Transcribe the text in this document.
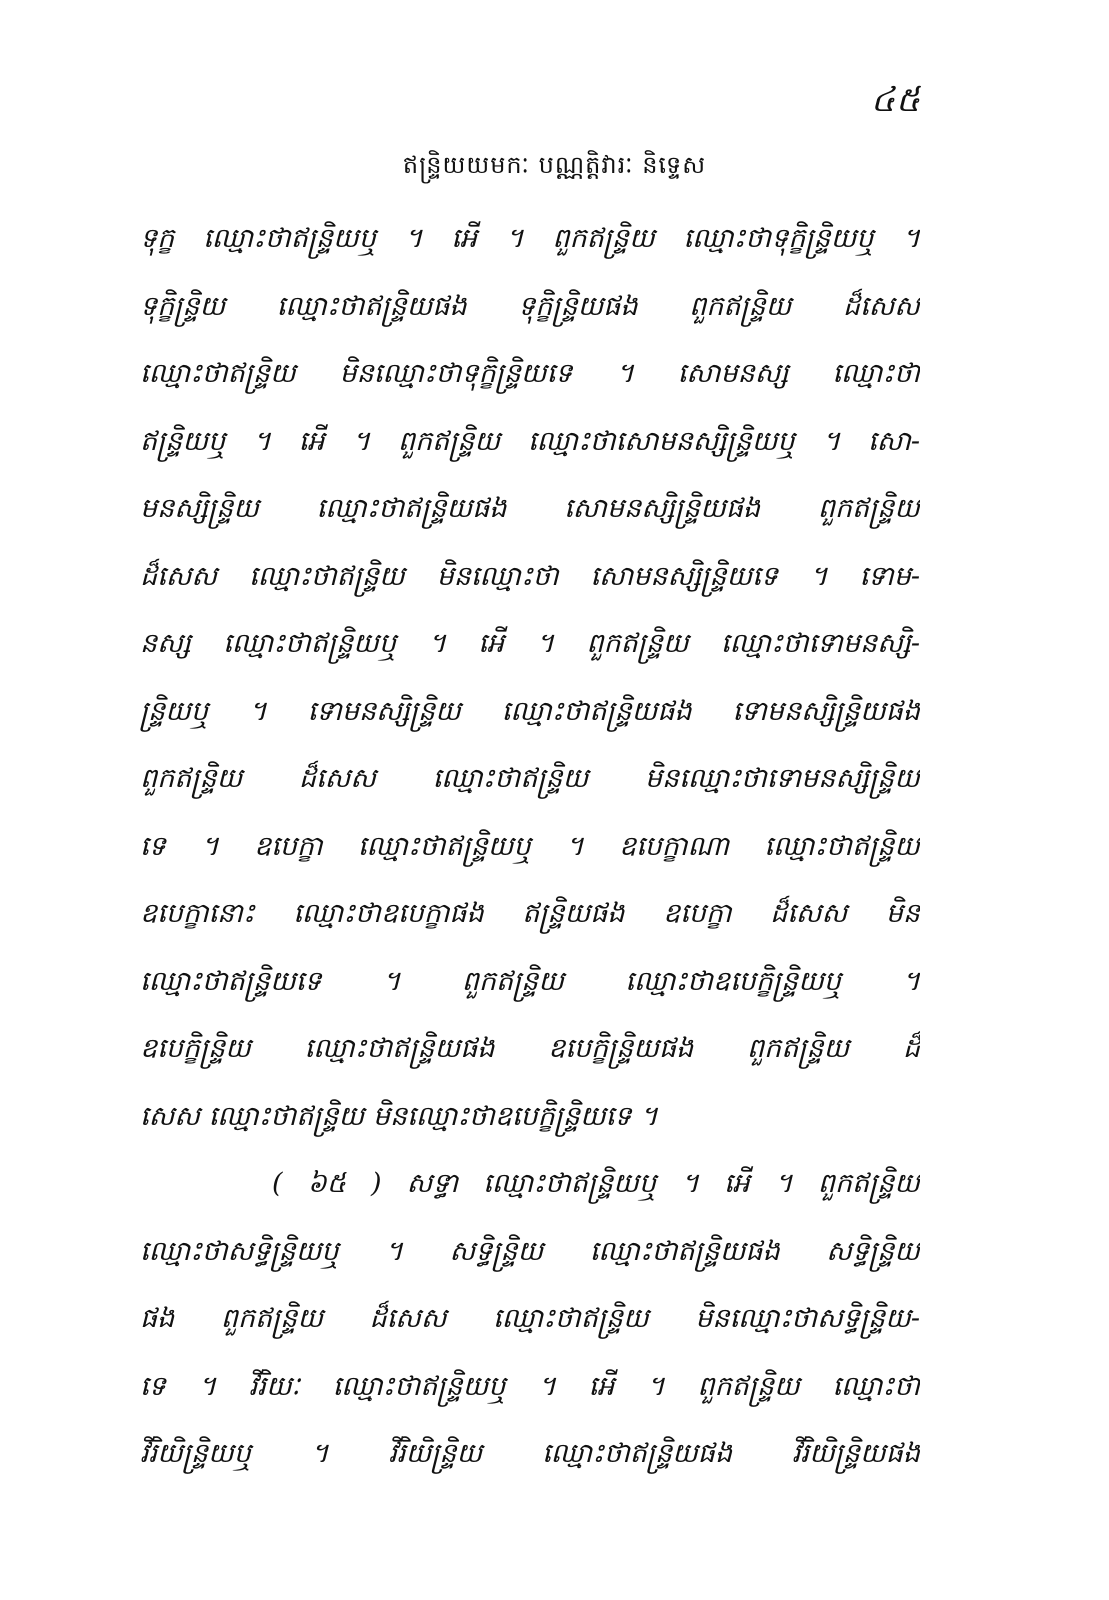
៤៥
ឥន្ទ្រិយយមកៈ បណ្ណត្តិវារៈ និទ្ទេស
ទុក្ខ ឈ្មោះថាឥន្ទ្រិយឬ ។ អើ ។ ពួកឥន្ទ្រិយ ឈ្មោះថាទុក្ខិន្ទ្រិយឬ ។
ទុក្ខិន្ទ្រិយ ឈ្មោះថាឥន្ទ្រិយផង ទុក្ខិន្ទ្រិយផង ពួកឥន្ទ្រិយ ដ៏សេស
ឈ្មោះថាឥន្ទ្រិយ មិនឈ្មោះថាទុក្ខិន្ទ្រិយទេ ។ សោមនស្ស ឈ្មោះថា
ឥន្ទ្រិយឬ ។ អើ ។ ពួកឥន្ទ្រិយ ឈ្មោះថាសោមនស្សិន្ទ្រិយឬ ។ សោ-
មនស្សិន្ទ្រិយ ឈ្មោះថាឥន្ទ្រិយផង សោមនស្សិន្ទ្រិយផង ពួកឥន្ទ្រិយ
ដ៏សេស ឈ្មោះថាឥន្ទ្រិយ មិនឈ្មោះថា សោមនស្សិន្ទ្រិយទេ ។ ទោម-
នស្ស ឈ្មោះថាឥន្ទ្រិយឬ ។ អើ ។ ពួកឥន្ទ្រិយ ឈ្មោះថាទោមនស្សិ-
ន្ទ្រិយឬ ។ ទោមនស្សិន្ទ្រិយ ឈ្មោះថាឥន្ទ្រិយផង ទោមនស្សិន្ទ្រិយផង
ពួកឥន្ទ្រិយ ដ៏សេស ឈ្មោះថាឥន្ទ្រិយ មិនឈ្មោះថាទោមនស្សិន្ទ្រិយ
ទេ ។ ឧបេក្ខា ឈ្មោះថាឥន្ទ្រិយឬ ។ ឧបេក្ខាណា ឈ្មោះថាឥន្ទ្រិយ
ឧបេក្ខានោះ ឈ្មោះថាឧបេក្ខាផង ឥន្ទ្រិយផង ឧបេក្ខា ដ៏សេស មិន
ឈ្មោះថាឥន្ទ្រិយទេ ។ ពួកឥន្ទ្រិយ ឈ្មោះថាឧបេក្ខិន្ទ្រិយឬ ។
ឧបេក្ខិន្ទ្រិយ ឈ្មោះថាឥន្ទ្រិយផង ឧបេក្ខិន្ទ្រិយផង ពួកឥន្ទ្រិយ ដ៏
សេស ឈ្មោះថាឥន្ទ្រិយ មិនឈ្មោះថាឧបេក្ខិន្ទ្រិយទេ ។
( ៦៥ ) សទ្ធា ឈ្មោះថាឥន្ទ្រិយឬ ។ អើ ។ ពួកឥន្ទ្រិយ
ឈ្មោះថាសទ្ធិន្ទ្រិយឬ ។ សទ្ធិន្ទ្រិយ ឈ្មោះថាឥន្ទ្រិយផង សទ្ធិន្ទ្រិយ
ផង ពួកឥន្ទ្រិយ ដ៏សេស ឈ្មោះថាឥន្ទ្រិយ មិនឈ្មោះថាសទ្ធិន្ទ្រិយ-
ទេ ។ វីរិយៈ ឈ្មោះថាឥន្ទ្រិយឬ ។ អើ ។ ពួកឥន្ទ្រិយ ឈ្មោះថា
វីរិយិន្ទ្រិយឬ ។ វីរិយិន្ទ្រិយ ឈ្មោះថាឥន្ទ្រិយផង វីរិយិន្ទ្រិយផង
